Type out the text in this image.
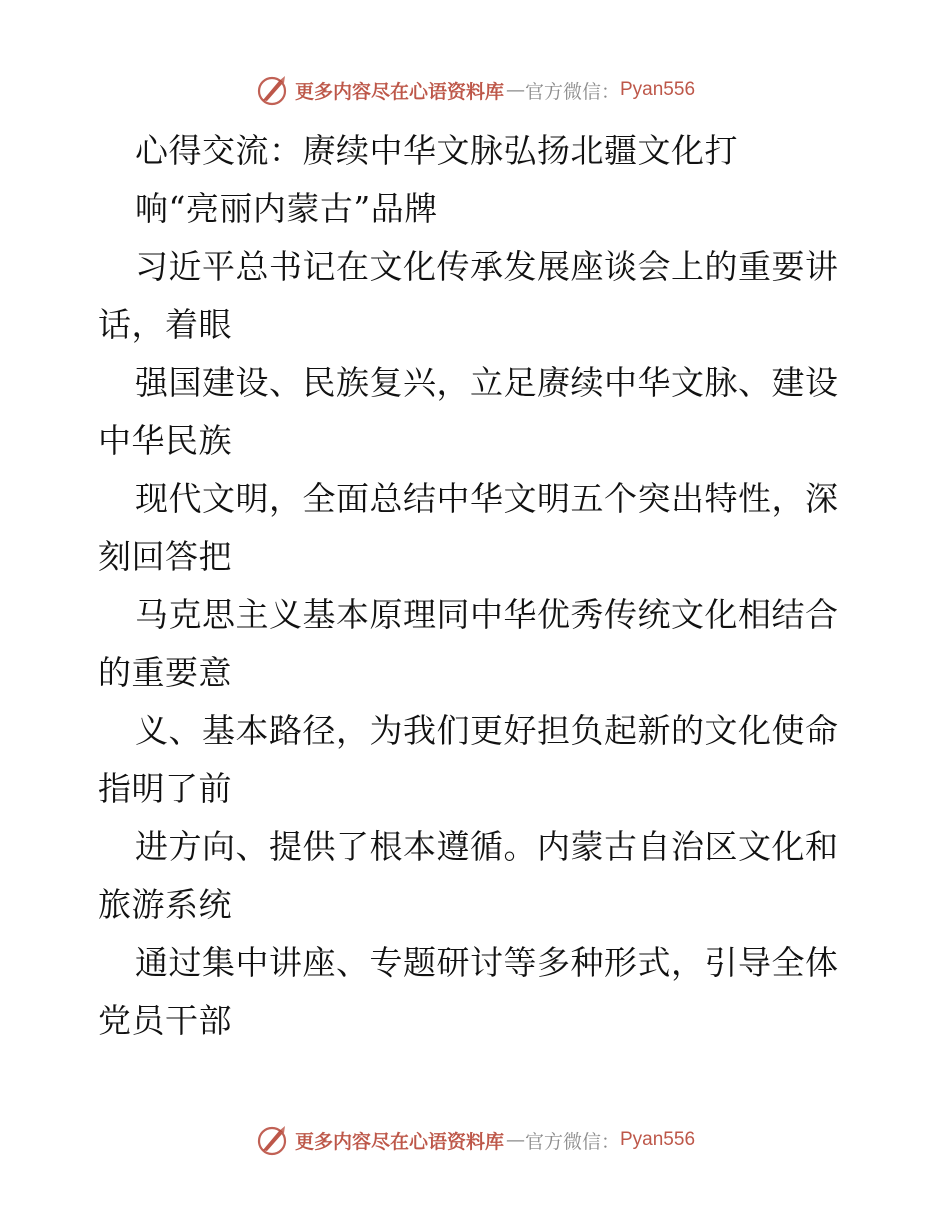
更多内容尽在心语资料库 — 官方微信： Pyan556
心得交流：赓续中华文脉弘扬北疆文化打
响“亮丽内蒙古”品牌
习近平总书记在文化传承发展座谈会上的重要讲
话，着眼
强国建设、民族复兴，立足赓续中华文脉、建设
中华民族
现代文明，全面总结中华文明五个突出特性，深
刻回答把
马克思主义基本原理同中华优秀传统文化相结合
的重要意
义、基本路径，为我们更好担负起新的文化使命
指明了前
进方向、提供了根本遵循。内蒙古自治区文化和
旅游系统
通过集中讲座、专题研讨等多种形式，引导全体
党员干部
更多内容尽在心语资料库 — 官方微信： Pyan556
